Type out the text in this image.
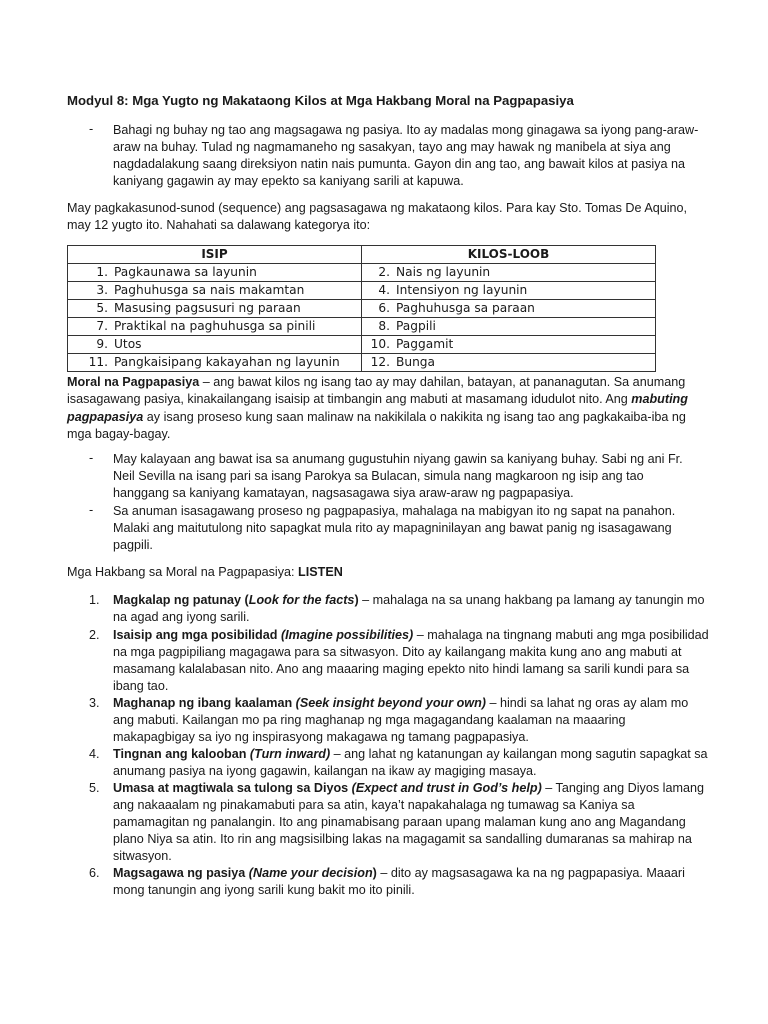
Modyul 8: Mga Yugto ng Makataong Kilos at Mga Hakbang Moral na Pagpapasiya
-	Bahagi ng buhay ng tao ang magsagawa ng pasiya. Ito ay madalas mong ginagawa sa iyong pang-araw-araw na buhay. Tulad ng nagmamaneho ng sasakyan, tayo ang may hawak ng manibela at siya ang nagdadalakung saang direksiyon natin nais pumunta. Gayon din ang tao, ang bawait kilos at pasiya na kaniyang gagawin ay may epekto sa kaniyang sarili at kapuwa.
May pagkakasunod-sunod (sequence) ang pagsasagawa ng makataong kilos. Para kay Sto. Tomas De Aquino, may 12 yugto ito. Nahahati sa dalawang kategorya ito:
ISIP	KILOS-LOOB
1. Pagkaunawa sa layunin	2. Nais ng layunin
3. Paghuhusga sa nais makamtan	4. Intensiyon ng layunin
5. Masusing pagsusuri ng paraan	6. Paghuhusga sa paraan
7. Praktikal na paghuhusga sa pinili	8. Pagpili
9. Utos	10. Paggamit
11. Pangkaisipang kakayahan ng layunin	12. Bunga
Moral na Pagpapasiya – ang bawat kilos ng isang tao ay may dahilan, batayan, at pananagutan. Sa anumang isasagawang pasiya, kinakailangang isaisip at timbangin ang mabuti at masamang idudulot nito. Ang mabuting pagpapasiya ay isang proseso kung saan malinaw na nakikilala o nakikita ng isang tao ang pagkakaiba-iba ng mga bagay-bagay.
-	May kalayaan ang bawat isa sa anumang gugustuhin niyang gawin sa kaniyang buhay. Sabi ng ani Fr. Neil Sevilla na isang pari sa isang Parokya sa Bulacan, simula nang magkaroon ng isip ang tao hanggang sa kaniyang kamatayan, nagsasagawa siya araw-araw ng pagpapasiya.
-	Sa anuman isasagawang proseso ng pagpapasiya, mahalaga na mabigyan ito ng sapat na panahon. Malaki ang maitutulong nito sapagkat mula rito ay mapagninilayan ang bawat panig ng isasagawang pagpili.
Mga Hakbang sa Moral na Pagpapasiya: LISTEN
1. Magkalap ng patunay (Look for the facts) – mahalaga na sa unang hakbang pa lamang ay tanungin mo na agad ang iyong sarili.
2. Isaisip ang mga posibilidad (Imagine possibilities) – mahalaga na tingnang mabuti ang mga posibilidad na mga pagpipiliang magagawa para sa sitwasyon. Dito ay kailangang makita kung ano ang mabuti at masamang kalalabasan nito. Ano ang maaaring maging epekto nito hindi lamang sa sarili kundi para sa ibang tao.
3. Maghanap ng ibang kaalaman (Seek insight beyond your own) – hindi sa lahat ng oras ay alam mo ang mabuti. Kailangan mo pa ring maghanap ng mga magagandang kaalaman na maaaring makapagbigay sa iyo ng inspirasyong makagawa ng tamang pagpapasiya.
4. Tingnan ang kalooban (Turn inward) – ang lahat ng katanungan ay kailangan mong sagutin sapagkat sa anumang pasiya na iyong gagawin, kailangan na ikaw ay magiging masaya.
5. Umasa at magtiwala sa tulong sa Diyos (Expect and trust in God’s help) – Tanging ang Diyos lamang ang nakaaalam ng pinakamabuti para sa atin, kaya’t napakahalaga ng tumawag sa Kaniya sa pamamagitan ng panalangin. Ito ang pinamabisang paraan upang malaman kung ano ang Magandang plano Niya sa atin. Ito rin ang magsisilbing lakas na magagamit sa sandalling dumaranas sa mahirap na sitwasyon.
6. Magsagawa ng pasiya (Name your decision) – dito ay magsasagawa ka na ng pagpapasiya. Maaari mong tanungin ang iyong sarili kung bakit mo ito pinili.
